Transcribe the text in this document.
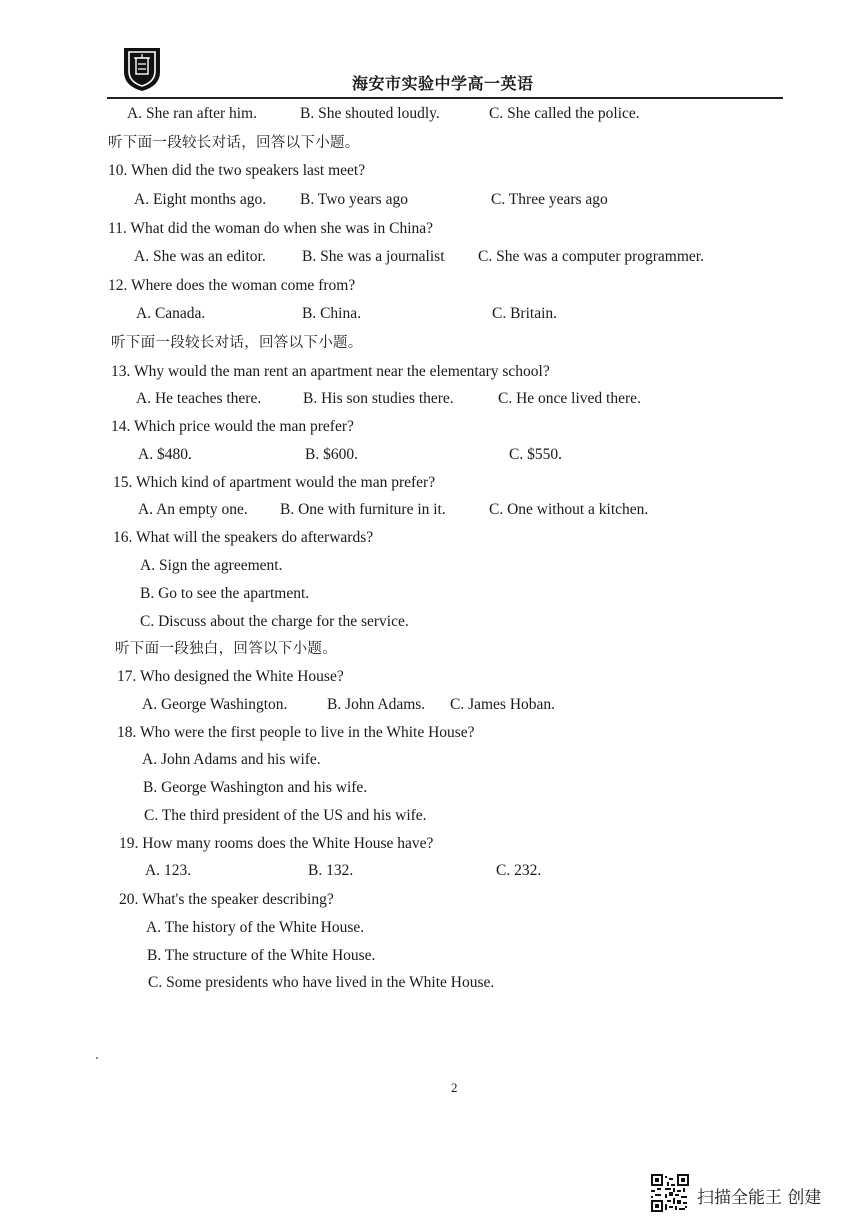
海安市实验中学高一英语
A. She ran after him.	B. She shouted loudly.	C. She called the police.
听下面一段较长对话，回答以下小题。
10. When did the two speakers last meet?
A. Eight months ago. B. Two years ago	C. Three years ago
11. What did the woman do when she was in China?
A. She was an editor. B. She was a journalist C. She was a computer programmer.
12. Where does the woman come from?
A. Canada.	B. China.	C. Britain.
听下面一段较长对话，回答以下小题。
13. Why would the man rent an apartment near the elementary school?
A. He teaches there.	B. His son studies there.	C. He once lived there.
14. Which price would the man prefer?
A. $480.	B. $600.	C. $550.
15. Which kind of apartment would the man prefer?
A. An empty one. B. One with furniture in it.	C. One without a kitchen.
16. What will the speakers do afterwards?
A. Sign the agreement.
B. Go to see the apartment.
C. Discuss about the charge for the service.
听下面一段独白，回答以下小题。
17. Who designed the White House?
A. George Washington.	B. John Adams. C. James Hoban.
18. Who were the first people to live in the White House?
A. John Adams and his wife.
B. George Washington and his wife.
C. The third president of the US and his wife.
19. How many rooms does the White House have?
A. 123.	B. 132.	C. 232.
20. What's the speaker describing?
A. The history of the White House.
B. The structure of the White House.
C. Some presidents who have lived in the White House.
2
扫描全能王 创建
